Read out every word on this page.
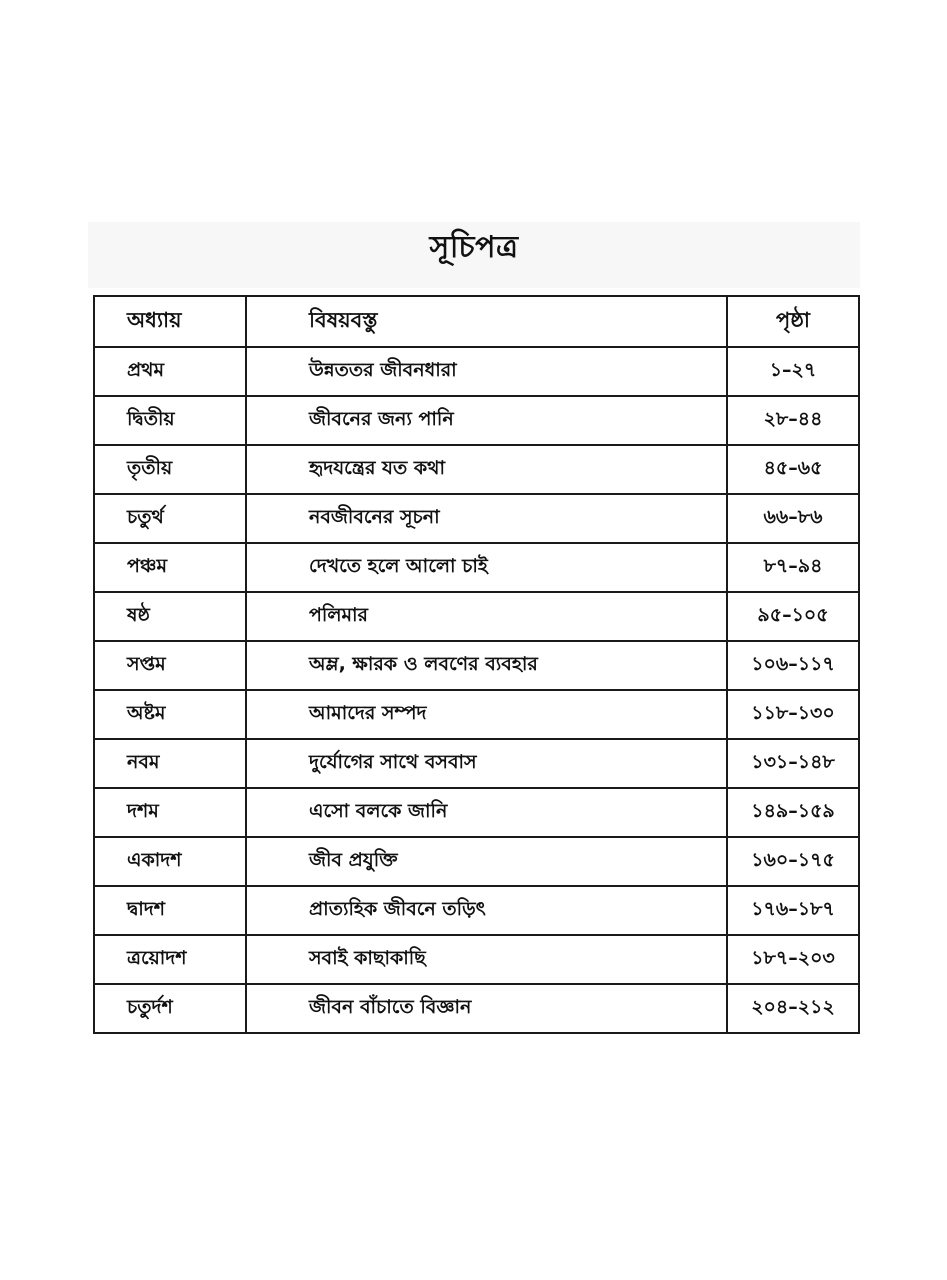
সূচিপত্র
অধ্যায়	বিষয়বস্তু	পৃষ্ঠা
প্রথম	উন্নততর জীবনধারা	১–২৭
দ্বিতীয়	জীবনের জন্য পানি	২৮–৪৪
তৃতীয়	হৃদযন্ত্রের যত কথা	৪৫–৬৫
চতুর্থ	নবজীবনের সূচনা	৬৬–৮৬
পঞ্চম	দেখতে হলে আলো চাই	৮৭–৯৪
ষষ্ঠ	পলিমার	৯৫–১০৫
সপ্তম	অম্ল, ক্ষারক ও লবণের ব্যবহার	১০৬–১১৭
অষ্টম	আমাদের সম্পদ	১১৮–১৩০
নবম	দুর্যোগের সাথে বসবাস	১৩১–১৪৮
দশম	এসো বলকে জানি	১৪৯–১৫৯
একাদশ	জীব প্রযুক্তি	১৬০–১৭৫
দ্বাদশ	প্রাত্যহিক জীবনে তড়িৎ	১৭৬–১৮৭
ত্রয়োদশ	সবাই কাছাকাছি	১৮৭–২০৩
চতুর্দশ	জীবন বাঁচাতে বিজ্ঞান	২০৪–২১২
